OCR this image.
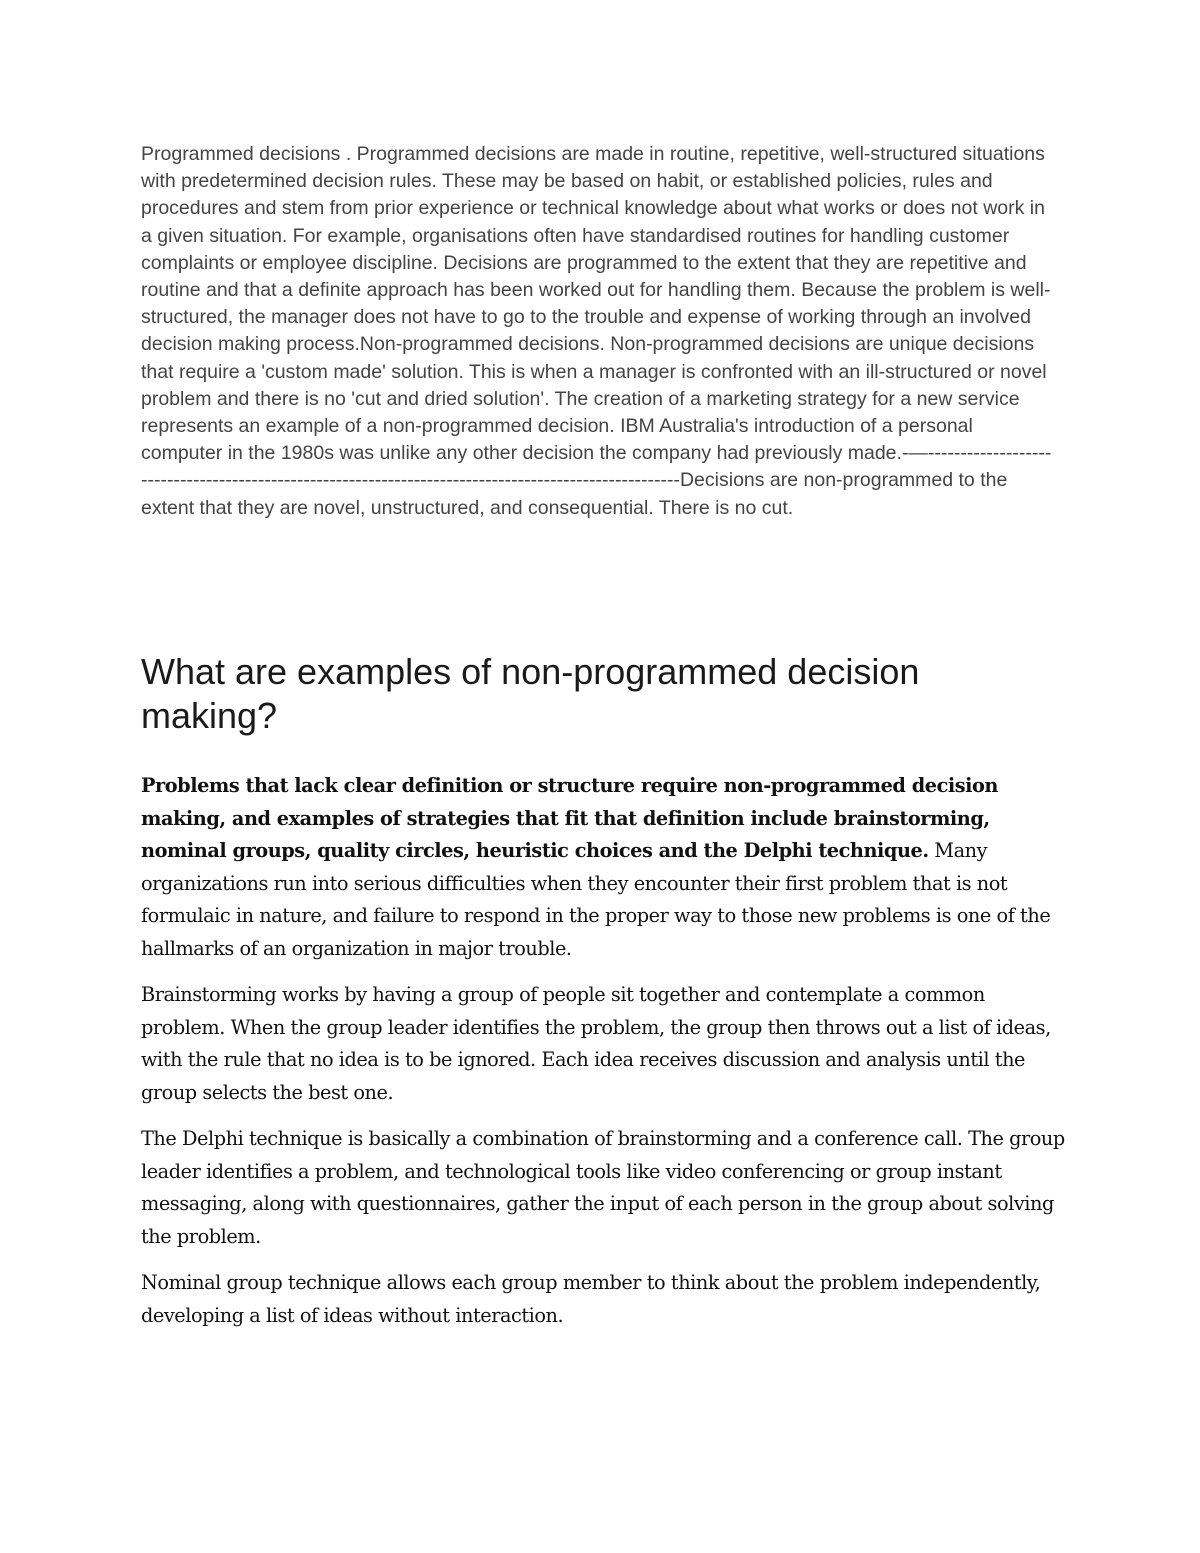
Programmed decisions . Programmed decisions are made in routine, repetitive, well-structured situations with predetermined decision rules. These may be based on habit, or established policies, rules and procedures and stem from prior experience or technical knowledge about what works or does not work in a given situation. For example, organisations often have standardised routines for handling customer complaints or employee discipline. Decisions are programmed to the extent that they are repetitive and routine and that a definite approach has been worked out for handling them. Because the problem is well-structured, the manager does not have to go to the trouble and expense of working through an involved decision making process.Non-programmed decisions. Non-programmed decisions are unique decisions that require a 'custom made' solution. This is when a manager is confronted with an ill-structured or novel problem and there is no 'cut and dried solution'. The creation of a marketing strategy for a new service represents an example of a non-programmed decision. IBM Australia's introduction of a personal computer in the 1980s was unlike any other decision the company had previously made.-—------------------------------------------------------------------------------------------------------Decisions are non-programmed to the extent that they are novel, unstructured, and consequential. There is no cut.

What are examples of non-programmed decision making?

Problems that lack clear definition or structure require non-programmed decision making, and examples of strategies that fit that definition include brainstorming, nominal groups, quality circles, heuristic choices and the Delphi technique. Many organizations run into serious difficulties when they encounter their first problem that is not formulaic in nature, and failure to respond in the proper way to those new problems is one of the hallmarks of an organization in major trouble.

Brainstorming works by having a group of people sit together and contemplate a common problem. When the group leader identifies the problem, the group then throws out a list of ideas, with the rule that no idea is to be ignored. Each idea receives discussion and analysis until the group selects the best one.

The Delphi technique is basically a combination of brainstorming and a conference call. The group leader identifies a problem, and technological tools like video conferencing or group instant messaging, along with questionnaires, gather the input of each person in the group about solving the problem.

Nominal group technique allows each group member to think about the problem independently, developing a list of ideas without interaction.
